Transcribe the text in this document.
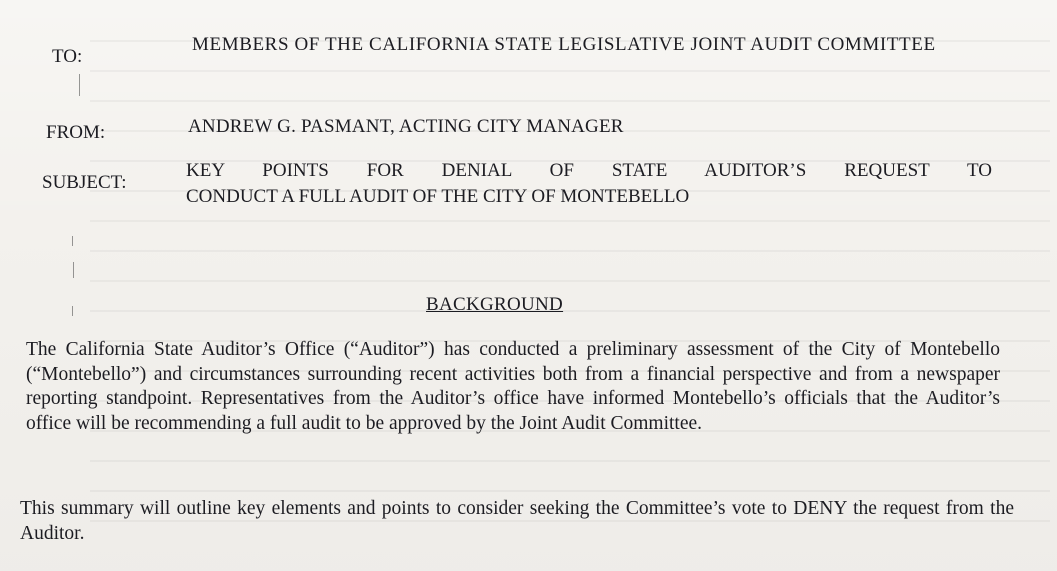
TO:
MEMBERS OF THE CALIFORNIA STATE LEGISLATIVE JOINT AUDIT COMMITTEE
FROM:	ANDREW G. PASMANT, ACTING CITY MANAGER
SUBJECT:
KEY POINTS FOR DENIAL OF STATE AUDITOR’S REQUEST TO
CONDUCT A FULL AUDIT OF THE CITY OF MONTEBELLO
BACKGROUND
The California State Auditor’s Office (“Auditor”) has conducted a preliminary assessment of the City of Montebello (“Montebello”) and circumstances surrounding recent activities both from a financial perspective and from a newspaper reporting standpoint. Representatives from the Auditor’s office have informed Montebello’s officials that the Auditor’s office will be recommending a full audit to be approved by the Joint Audit Committee.
This summary will outline key elements and points to consider seeking the Committee’s vote to DENY the request from the Auditor.
